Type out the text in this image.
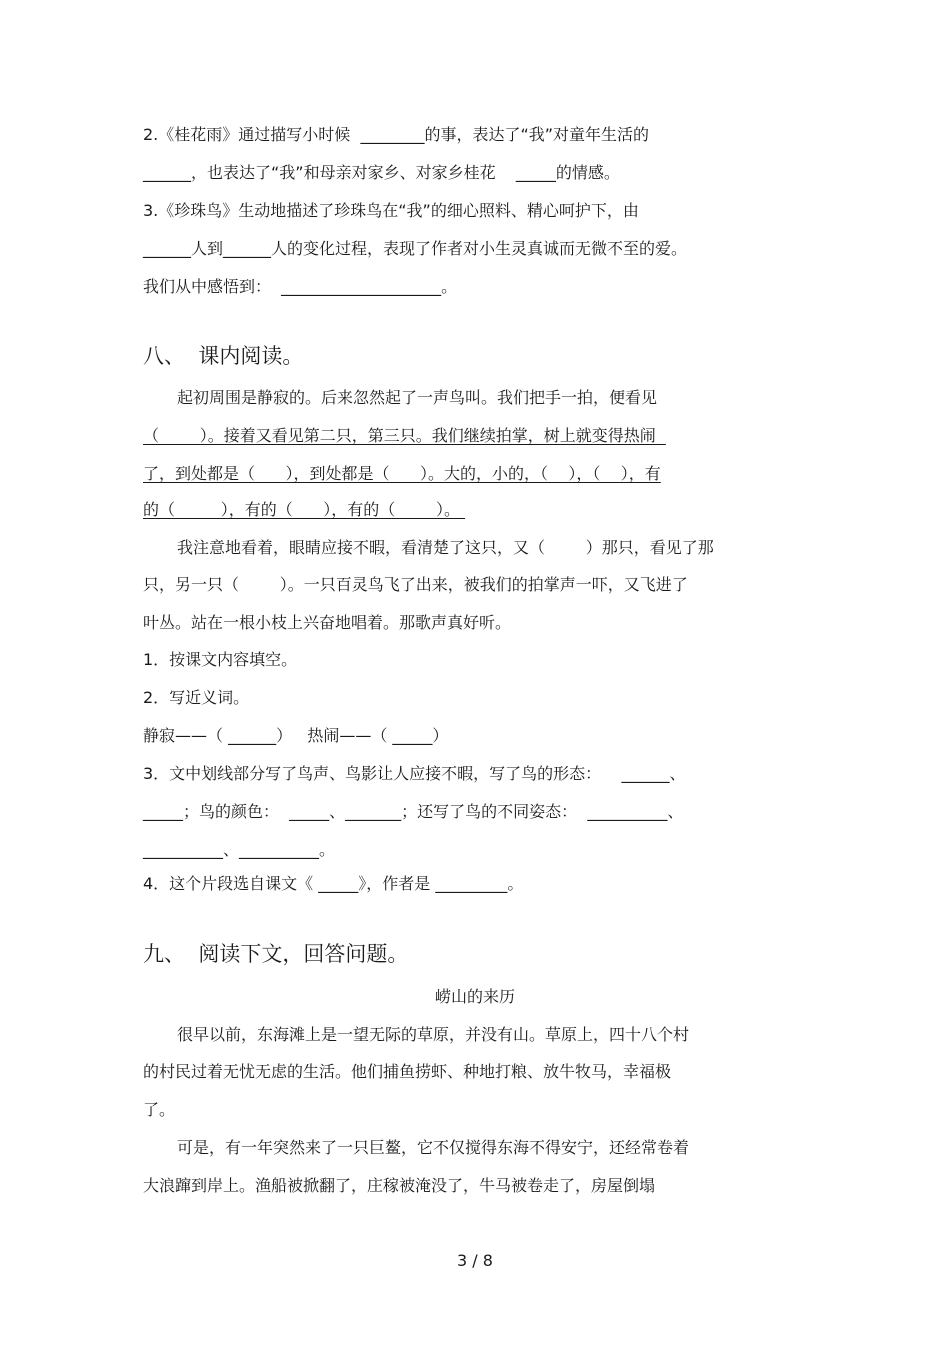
2.《桂花雨》通过描写小时候  ________的事，表达了“我”对童年生活的
______，也表达了“我”和母亲对家乡、对家乡桂花    _____的情感。
3.《珍珠鸟》生动地描述了珍珠鸟在“我”的细心照料、精心呵护下，由
______人到______人的变化过程，表现了作者对小生灵真诚而无微不至的爱。
我们从中感悟到：  ____________________。
八、  课内阅读。
起初周围是静寂的。后来忽然起了一声鸟叫。我们把手一拍，便看见
（        ）。接着又看见第二只，第三只。我们继续拍掌，树上就变得热闹
了，到处都是（      ），到处都是（      ）。大的，小的，（    ），（    ），有
的（         ），有的（      ），有的（        ）。
我注意地看着，眼睛应接不暇，看清楚了这只，又（        ）那只，看见了那
只，另一只（        ）。一只百灵鸟飞了出来，被我们的拍掌声一吓，又飞进了
叶丛。站在一根小枝上兴奋地唱着。那歌声真好听。
1．按课文内容填空。
2．写近义词。
静寂——（ ______）   热闹——（ _____）
3．文中划线部分写了鸟声、鸟影让人应接不暇，写了鸟的形态：    ______、
_____；鸟的颜色：  _____、_______；还写了鸟的不同姿态：  __________、
__________、__________。
4．这个片段选自课文《 _____》，作者是 _________。
九、  阅读下文，回答问题。
崂山的来历
很早以前，东海滩上是一望无际的草原，并没有山。草原上，四十八个村
的村民过着无忧无虑的生活。他们捕鱼捞虾、种地打粮、放牛牧马，幸福极
了。
可是，有一年突然来了一只巨鳌，它不仅搅得东海不得安宁，还经常卷着
大浪蹿到岸上。渔船被掀翻了，庄稼被淹没了，牛马被卷走了，房屋倒塌
3 / 8
